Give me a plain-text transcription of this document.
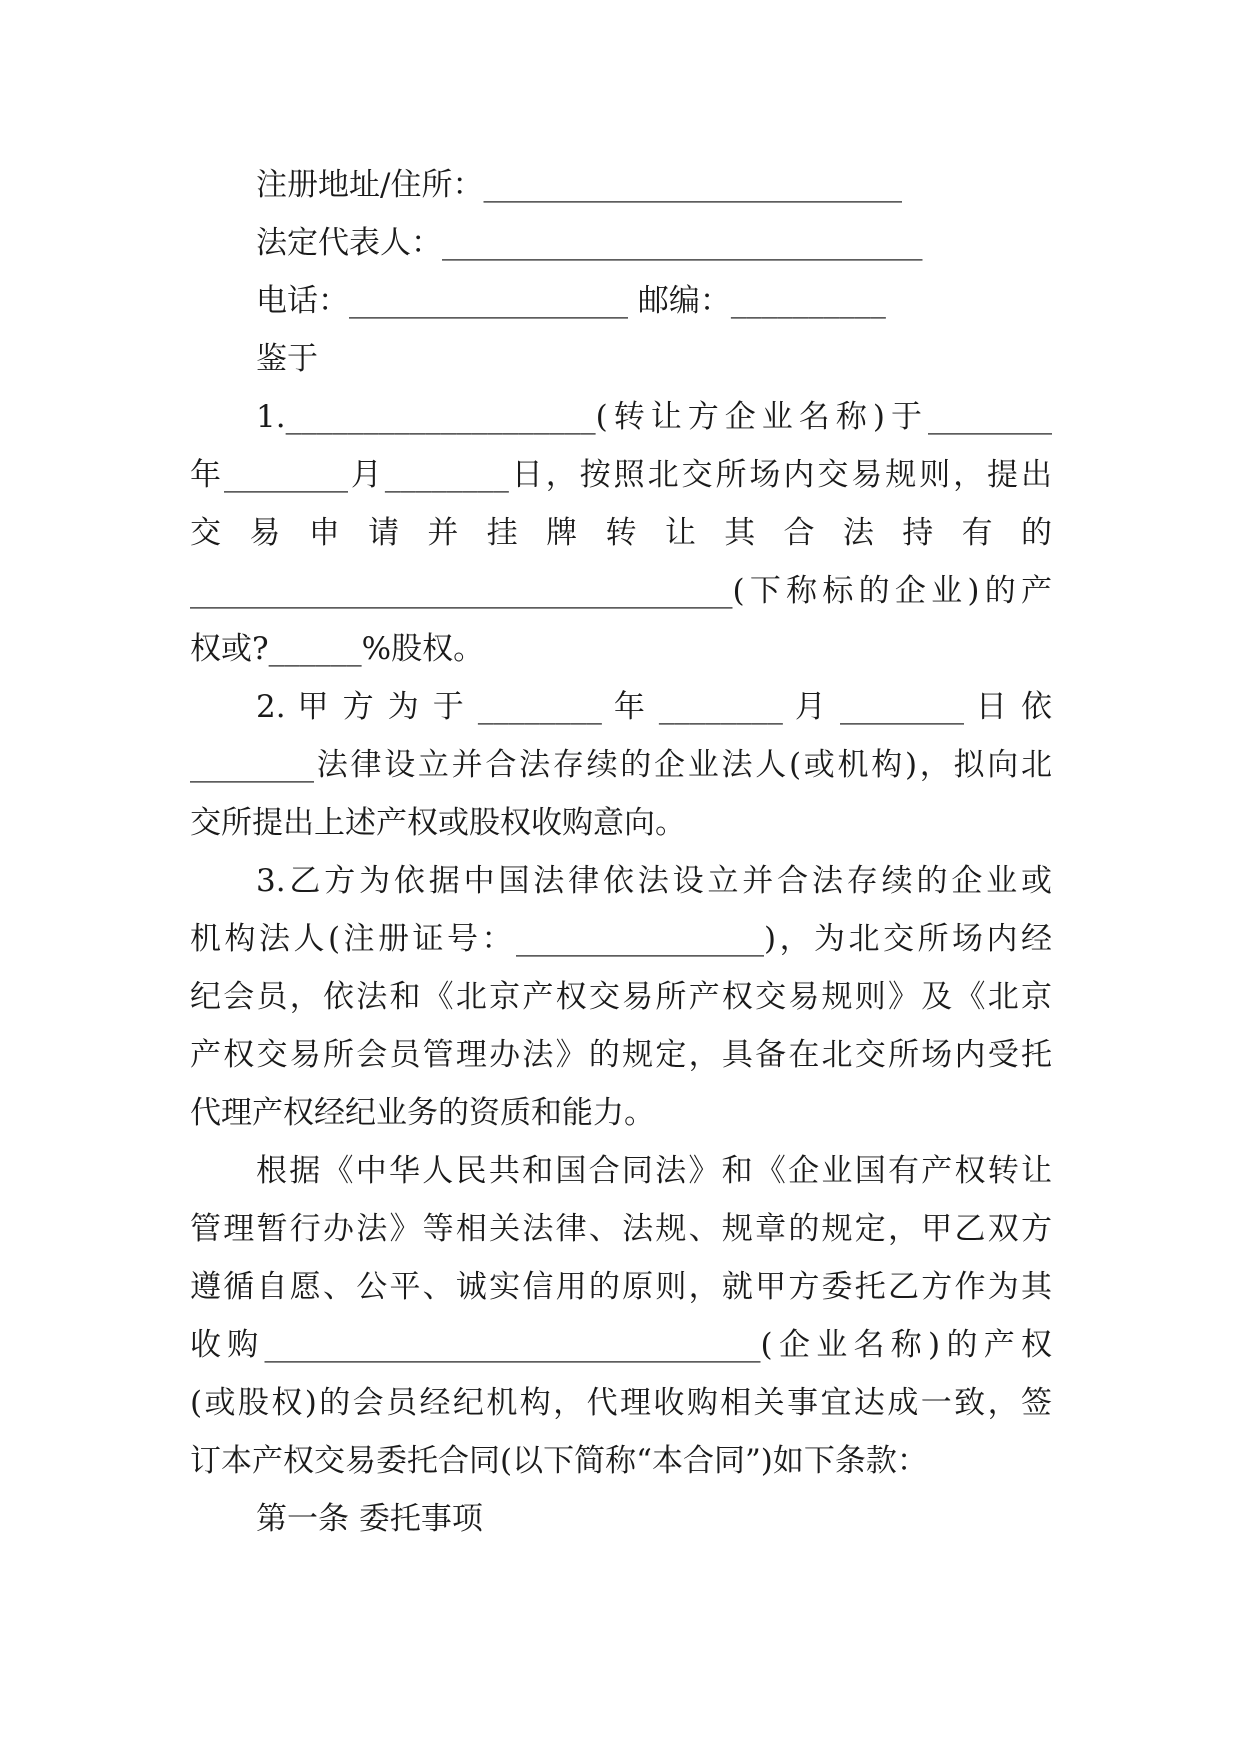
注册地址/住所：___________________________
法定代表人：_______________________________
电话：__________________ 邮编：__________
鉴于
1.____________________(转让方企业名称)于________
年________月________日，按照北交所场内交易规则，提出
交 易 申 请 并 挂 牌 转 让 其 合 法 持 有 的
___________________________________(下称标的企业)的产
权或?______%股权。
2. 甲 方 为 于 ________ 年 ________ 月 ________ 日 依
________法律设立并合法存续的企业法人(或机构)，拟向北
交所提出上述产权或股权收购意向。
3.乙方为依据中国法律依法设立并合法存续的企业或
机构法人(注册证号：________________)，为北交所场内经
纪会员，依法和《北京产权交易所产权交易规则》及《北京
产权交易所会员管理办法》的规定，具备在北交所场内受托
代理产权经纪业务的资质和能力。
根据《中华人民共和国合同法》和《企业国有产权转让
管理暂行办法》等相关法律、法规、规章的规定，甲乙双方
遵循自愿、公平、诚实信用的原则，就甲方委托乙方作为其
收购________________________________(企业名称)的产权
(或股权)的会员经纪机构，代理收购相关事宜达成一致，签
订本产权交易委托合同(以下简称“本合同”)如下条款：
第一条 委托事项
